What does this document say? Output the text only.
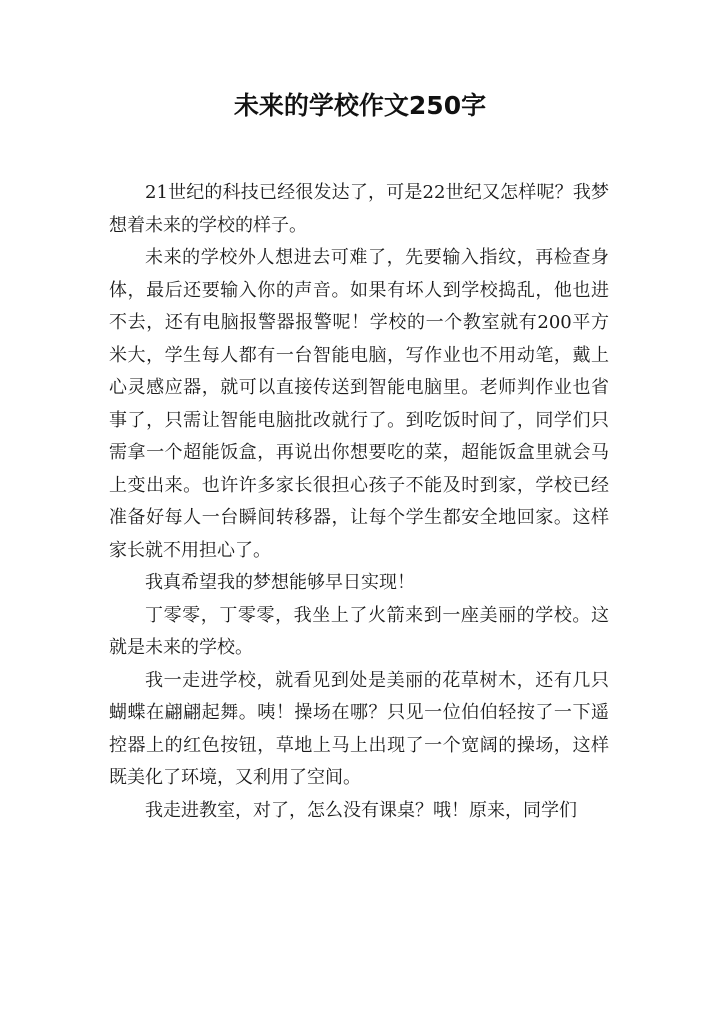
未来的学校作文250字

21世纪的科技已经很发达了，可是22世纪又怎样呢？我梦想着未来的学校的样子。

未来的学校外人想进去可难了，先要输入指纹，再检查身体，最后还要输入你的声音。如果有坏人到学校捣乱，他也进不去，还有电脑报警器报警呢！学校的一个教室就有200平方米大，学生每人都有一台智能电脑，写作业也不用动笔，戴上心灵感应器，就可以直接传送到智能电脑里。老师判作业也省事了，只需让智能电脑批改就行了。到吃饭时间了，同学们只需拿一个超能饭盒，再说出你想要吃的菜，超能饭盒里就会马上变出来。也许许多家长很担心孩子不能及时到家，学校已经准备好每人一台瞬间转移器，让每个学生都安全地回家。这样家长就不用担心了。

我真希望我的梦想能够早日实现！

丁零零，丁零零，我坐上了火箭来到一座美丽的学校。这就是未来的学校。

我一走进学校，就看见到处是美丽的花草树木，还有几只蝴蝶在翩翩起舞。咦！操场在哪？只见一位伯伯轻按了一下遥控器上的红色按钮，草地上马上出现了一个宽阔的操场，这样既美化了环境，又利用了空间。

我走进教室，对了，怎么没有课桌？哦！原来，同学们
